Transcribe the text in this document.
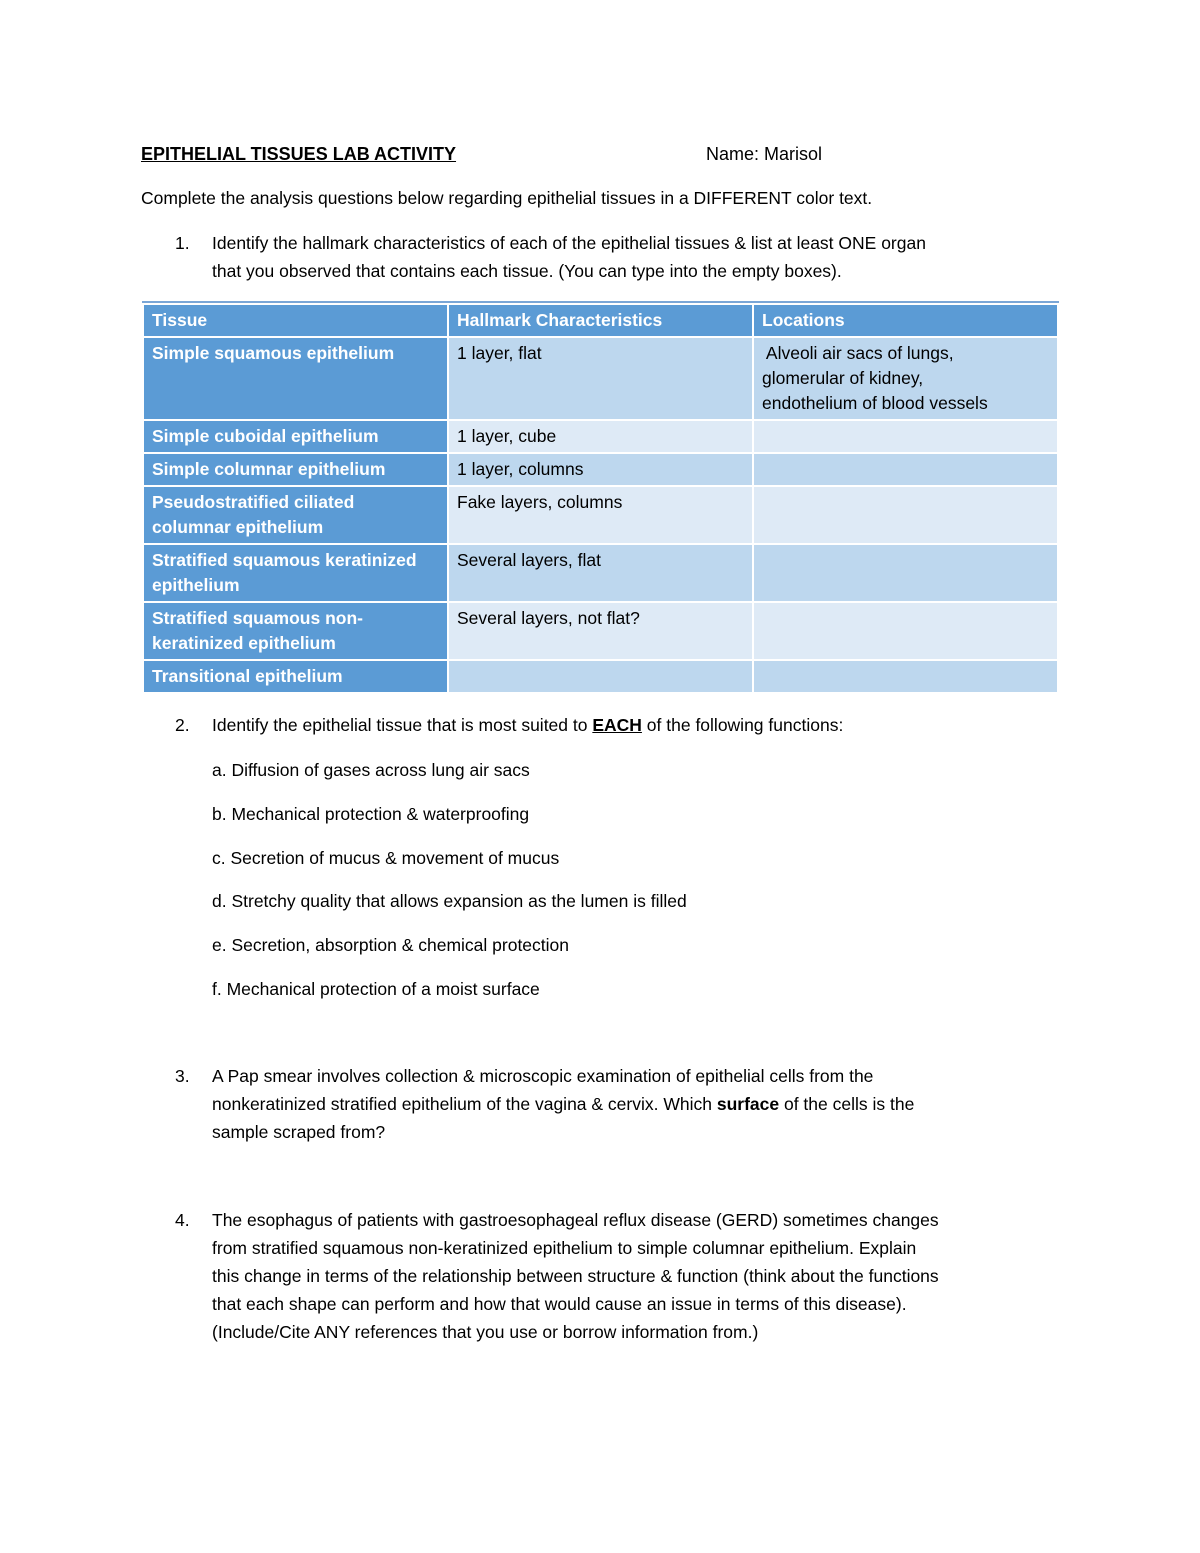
EPITHELIAL TISSUES LAB ACTIVITY	Name: Marisol
Complete the analysis questions below regarding epithelial tissues in a DIFFERENT color text.
1. Identify the hallmark characteristics of each of the epithelial tissues & list at least ONE organ
that you observed that contains each tissue. (You can type into the empty boxes).
Tissue	Hallmark Characteristics	Locations
Simple squamous epithelium	1 layer, flat	Alveoli air sacs of lungs,
glomerular of kidney,
endothelium of blood vessels

Simple cuboidal epithelium	1 layer, cube	
Simple columnar epithelium	1 layer, columns	

Pseudostratified ciliated
columnar epithelium	Fake layers, columns	

Stratified squamous keratinized
epithelium	Several layers, flat	

Stratified squamous non-
keratinized epithelium	Several layers, not flat?	
Transitional epithelium		
2. Identify the epithelial tissue that is most suited to EACH of the following functions:
a. Diffusion of gases across lung air sacs
b. Mechanical protection & waterproofing
c. Secretion of mucus & movement of mucus
d. Stretchy quality that allows expansion as the lumen is filled
e. Secretion, absorption & chemical protection
f. Mechanical protection of a moist surface
3. A Pap smear involves collection & microscopic examination of epithelial cells from the
nonkeratinized stratified epithelium of the vagina & cervix. Which surface of the cells is the
sample scraped from?
4. The esophagus of patients with gastroesophageal reflux disease (GERD) sometimes changes
from stratified squamous non-keratinized epithelium to simple columnar epithelium. Explain
this change in terms of the relationship between structure & function (think about the functions
that each shape can perform and how that would cause an issue in terms of this disease).
(Include/Cite ANY references that you use or borrow information from.)
